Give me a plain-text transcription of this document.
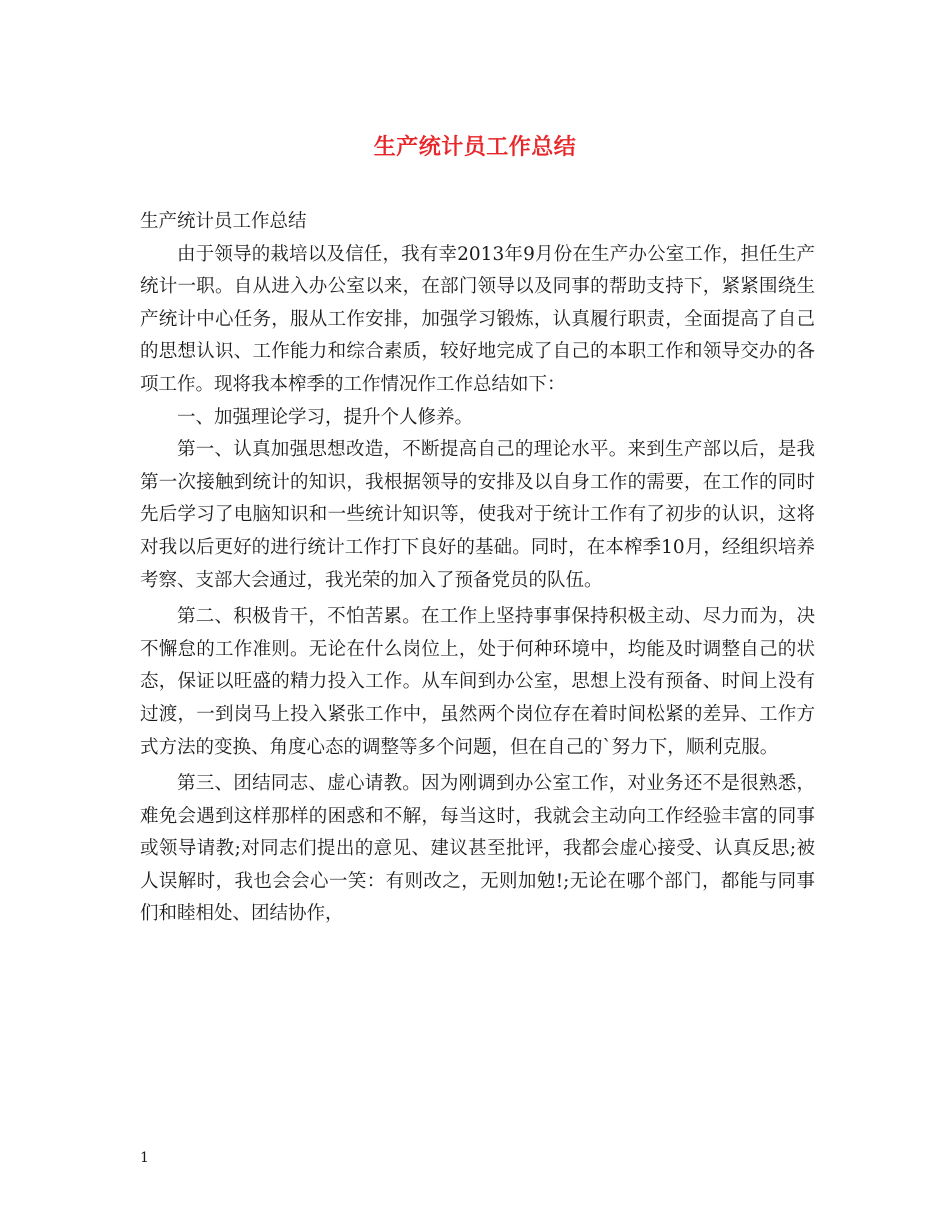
生产统计员工作总结

生产统计员工作总结

由于领导的栽培以及信任，我有幸2013年9月份在生产办公室工作，担任生产统计一职。自从进入办公室以来，在部门领导以及同事的帮助支持下，紧紧围绕生产统计中心任务，服从工作安排，加强学习锻炼，认真履行职责，全面提高了自己的思想认识、工作能力和综合素质，较好地完成了自己的本职工作和领导交办的各项工作。现将我本榨季的工作情况作工作总结如下：

一、加强理论学习，提升个人修养。

第一、认真加强思想改造，不断提高自己的理论水平。来到生产部以后，是我第一次接触到统计的知识，我根据领导的安排及以自身工作的需要，在工作的同时先后学习了电脑知识和一些统计知识等，使我对于统计工作有了初步的认识，这将对我以后更好的进行统计工作打下良好的基础。同时，在本榨季10月，经组织培养考察、支部大会通过，我光荣的加入了预备党员的队伍。

第二、积极肯干，不怕苦累。在工作上坚持事事保持积极主动、尽力而为，决不懈怠的工作准则。无论在什么岗位上，处于何种环境中，均能及时调整自己的状态，保证以旺盛的精力投入工作。从车间到办公室，思想上没有预备、时间上没有过渡，一到岗马上投入紧张工作中，虽然两个岗位存在着时间松紧的差异、工作方式方法的变换、角度心态的调整等多个问题，但在自己的`努力下，顺利克服。

第三、团结同志、虚心请教。因为刚调到办公室工作，对业务还不是很熟悉，难免会遇到这样那样的困惑和不解，每当这时，我就会主动向工作经验丰富的同事或领导请教;对同志们提出的意见、建议甚至批评，我都会虚心接受、认真反思;被人误解时，我也会会心一笑：有则改之，无则加勉!;无论在哪个部门，都能与同事们和睦相处、团结协作，

1
